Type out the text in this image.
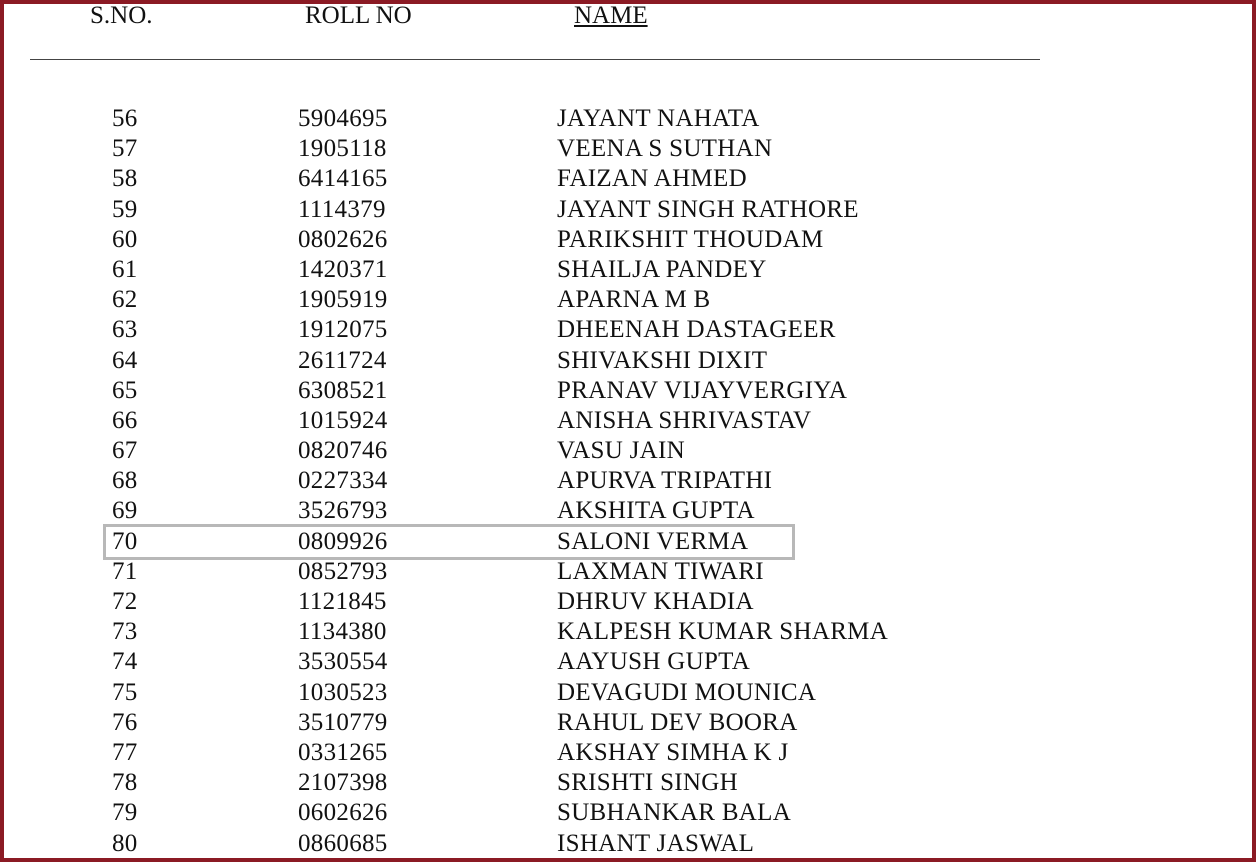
S.NO.	ROLL NO	NAME
56	5904695	JAYANT NAHATA
57	1905118	VEENA S SUTHAN
58	6414165	FAIZAN AHMED
59	1114379	JAYANT SINGH RATHORE
60	0802626	PARIKSHIT THOUDAM
61	1420371	SHAILJA PANDEY
62	1905919	APARNA M B
63	1912075	DHEENAH DASTAGEER
64	2611724	SHIVAKSHI DIXIT
65	6308521	PRANAV VIJAYVERGIYA
66	1015924	ANISHA SHRIVASTAV
67	0820746	VASU JAIN
68	0227334	APURVA TRIPATHI
69	3526793	AKSHITA GUPTA
70	0809926	SALONI VERMA
71	0852793	LAXMAN TIWARI
72	1121845	DHRUV KHADIA
73	1134380	KALPESH KUMAR SHARMA
74	3530554	AAYUSH GUPTA
75	1030523	DEVAGUDI MOUNICA
76	3510779	RAHUL DEV BOORA
77	0331265	AKSHAY SIMHA K J
78	2107398	SRISHTI SINGH
79	0602626	SUBHANKAR BALA
80	0860685	ISHANT JASWAL
